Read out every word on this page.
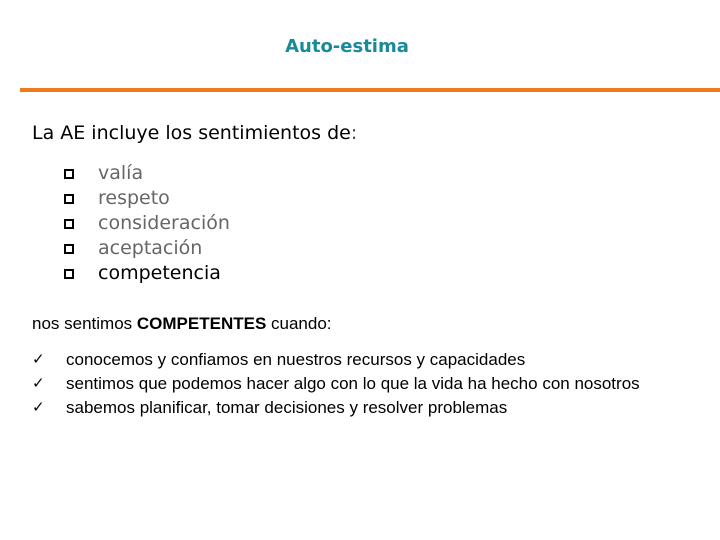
Auto-estima
La AE incluye los sentimientos de:
valía
respeto
consideración
aceptación
competencia
nos sentimos COMPETENTES cuando:
✓	conocemos y confiamos en nuestros recursos y capacidades
✓	sentimos que podemos hacer algo con lo que la vida ha hecho con nosotros
✓	sabemos planificar, tomar decisiones y resolver problemas
